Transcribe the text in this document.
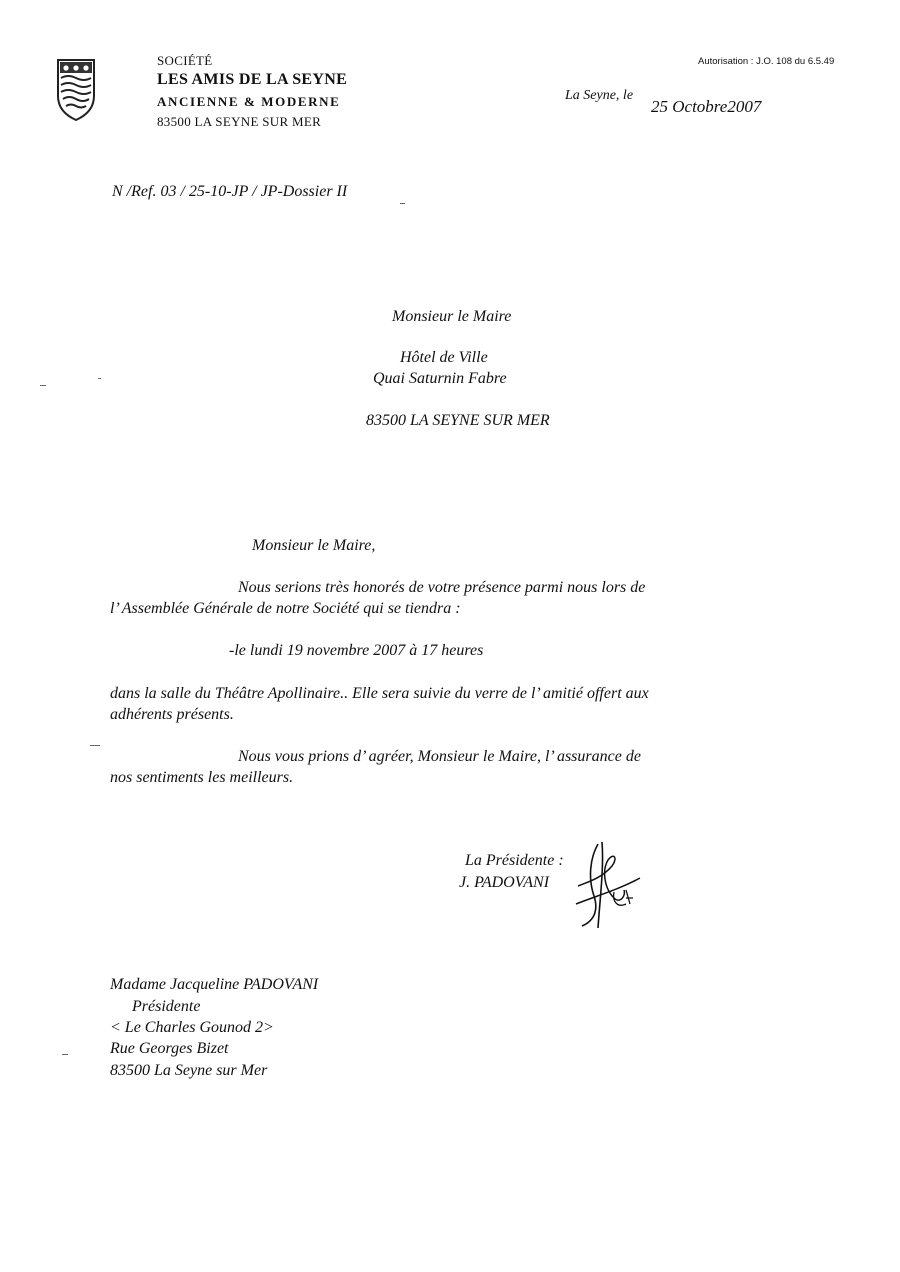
SOCIÉTÉ
LES AMIS DE LA SEYNE
ANCIENNE & MODERNE
83500 LA SEYNE SUR MER
Autorisation : J.O. 108 du 6.5.49
La Seyne, le
25 Octobre2007
N /Ref. 03 / 25-10-JP / JP-Dossier II
Monsieur le Maire
Hôtel de Ville
Quai Saturnin Fabre
83500 LA SEYNE SUR MER
Monsieur le Maire,
Nous serions très honorés de votre présence parmi nous lors de
l’ Assemblée Générale de notre Société qui se tiendra :
-le lundi 19 novembre 2007 à 17 heures
dans la salle du Théâtre Apollinaire.. Elle sera suivie du verre de l’ amitié offert aux
adhérents présents.
Nous vous prions d’ agréer, Monsieur le Maire, l’ assurance de
nos sentiments les meilleurs.
La Présidente :
J. PADOVANI
Madame Jacqueline PADOVANI
Présidente
< Le Charles Gounod 2>
Rue Georges Bizet
83500 La Seyne sur Mer
